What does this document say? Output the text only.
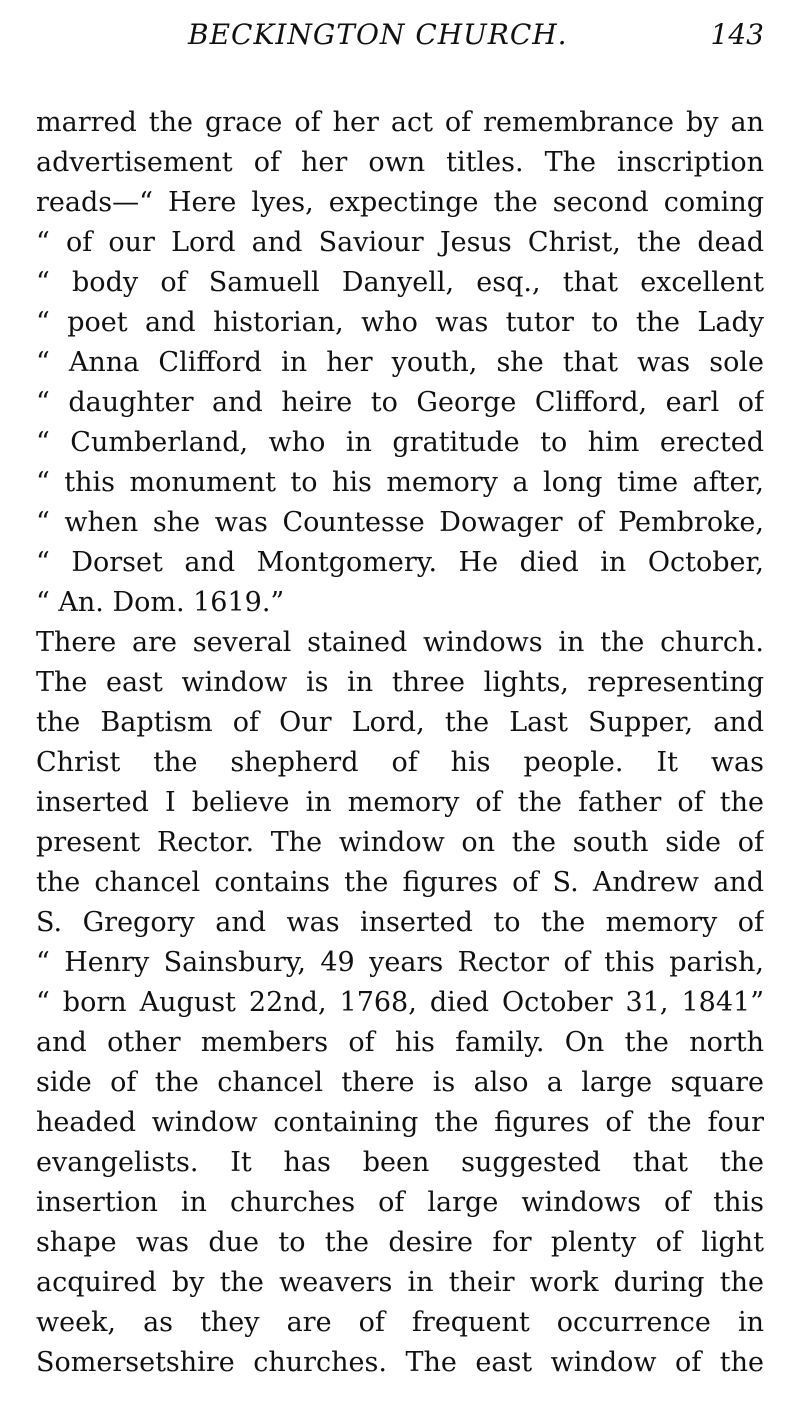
BECKINGTON CHURCH.	143
marred the grace of her act of remembrance by an
advertisement of her own titles. The inscription
reads—“ Here lyes, expectinge the second coming
“ of our Lord and Saviour Jesus Christ, the dead
“ body of Samuell Danyell, esq., that excellent
“ poet and historian, who was tutor to the Lady
“ Anna Clifford in her youth, she that was sole
“ daughter and heire to George Clifford, earl of
“ Cumberland, who in gratitude to him erected
“ this monument to his memory a long time after,
“ when she was Countesse Dowager of Pembroke,
“ Dorset and Montgomery. He died in October,
“ An. Dom. 1619.”
There are several stained windows in the church.
The east window is in three lights, representing
the Baptism of Our Lord, the Last Supper, and
Christ the shepherd of his people. It was
inserted I believe in memory of the father of the
present Rector. The window on the south side of
the chancel contains the figures of S. Andrew and
S. Gregory and was inserted to the memory of
“ Henry Sainsbury, 49 years Rector of this parish,
“ born August 22nd, 1768, died October 31, 1841”
and other members of his family. On the north
side of the chancel there is also a large square
headed window containing the figures of the four
evangelists. It has been suggested that the
insertion in churches of large windows of this
shape was due to the desire for plenty of light
acquired by the weavers in their work during the
week, as they are of frequent occurrence in
Somersetshire churches. The east window of the
